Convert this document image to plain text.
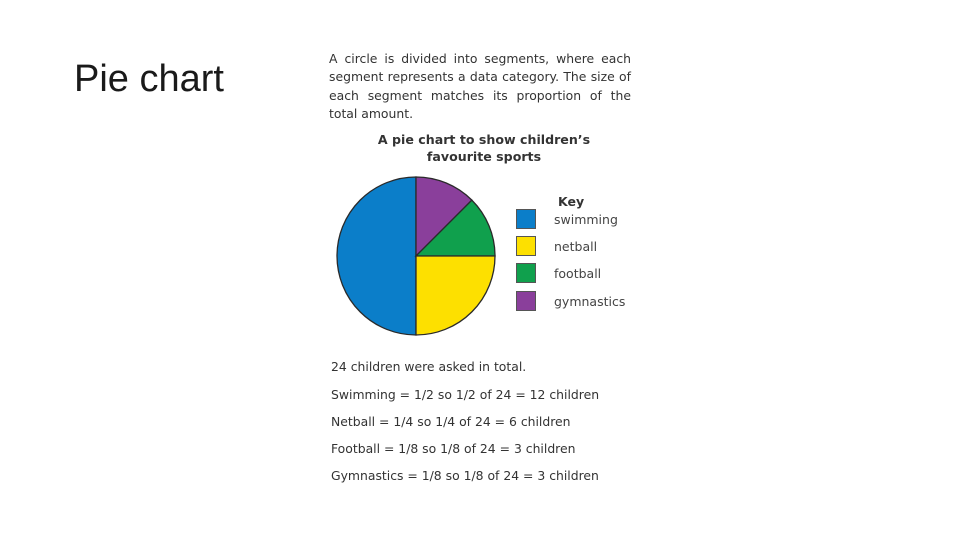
Pie chart	A circle is divided into segments, where each segment represents a data category. The size of each segment matches its proportion of the total amount.
A pie chart to show children’s
favourite sports
Key
swimming
netball
football
gymnastics
24 children were asked in total.
Swimming = 1/2 so 1/2 of 24 = 12 children
Netball = 1/4 so 1/4 of 24 = 6 children
Football = 1/8 so 1/8 of 24 = 3 children
Gymnastics = 1/8 so 1/8 of 24 = 3 children
